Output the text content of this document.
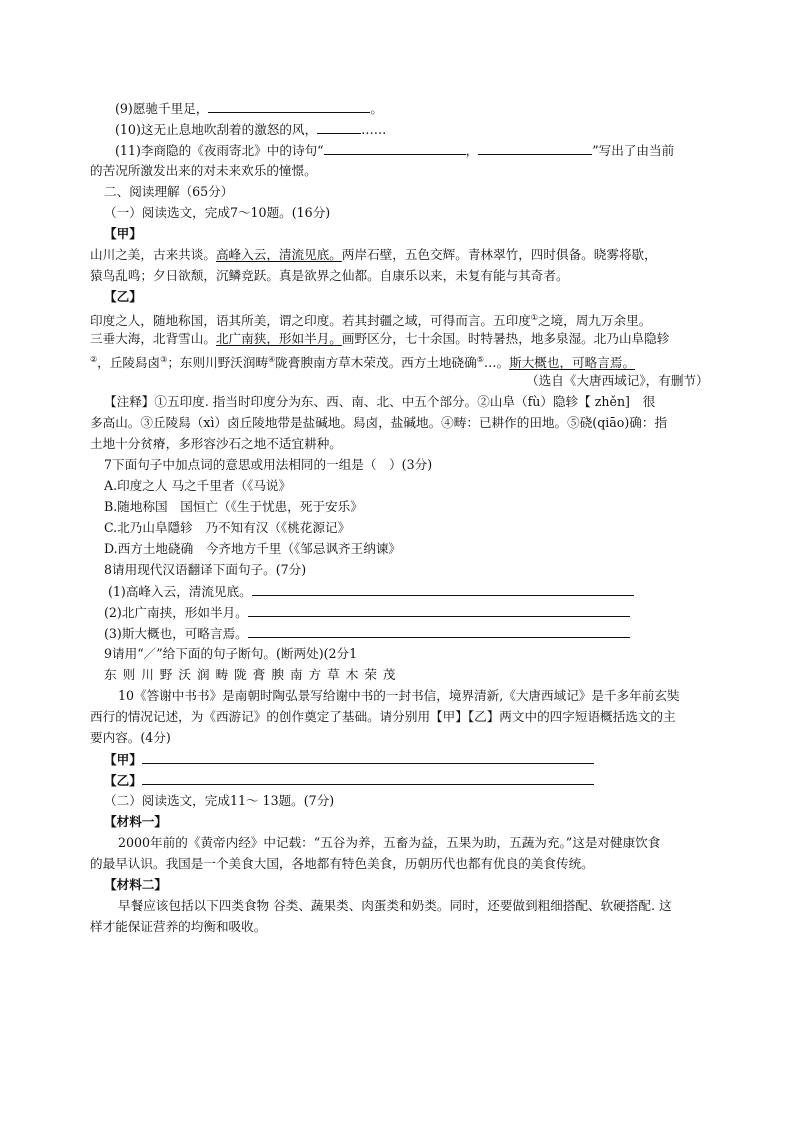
(9)愿驰千里足，	。
(10)这无止息地吹刮着的激怒的风，	……
(11)李商隐的《夜雨寄北》中的诗句“	，	”写出了由当前
的苦况所激发出来的对未来欢乐的憧憬。
二、阅读理解（65分）
（一）阅读选文，完成7～10题。(16分)
【甲】
山川之美，古来共谈。高峰入云，清流见底。两岸石壁，五色交辉。青林翠竹，四时俱备。晓雾将歇，
猿鸟乱鸣；夕日欲颓，沉鳞竞跃。真是欲界之仙都。自康乐以来，未复有能与其奇者。
【乙】
印度之人，随地称国，语其所美，谓之印度。若其封疆之域，可得而言。五印度①之境，周九万余里。
三垂大海，北背雪山。北广南狭，形如半月。画野区分，七十余国。时特暑热，地多泉湿。北乃山阜隐轸
②，丘陵舄卤③；东则川野沃润畴④陇膏腴南方草木荣茂。西方土地硗确⑤…。斯大概也，可略言焉。
（选自《大唐西域记》，有删节）
【注释】①五印度. 指当时印度分为东、西、南、北、中五个部分。②山阜（fù）隐轸【 zhěn]　很
多高山。③丘陵舄（xì）卤丘陵地带是盐碱地。舄卤，盐碱地。④畴：已耕作的田地。⑤硗(qiāo)确：指
土地十分贫瘠，多形容沙石之地不适宜耕种。
7下面句子中加点词的意思或用法相同的一组是（　）(3分)
A.印度之人 马之千里者（《马说》
B.随地称国　国恒亡（《生于忧患，死于安乐》
C.北乃山阜隱轸　乃不知有汉（《桃花源记》
D.西方土地硗确　今齐地方千里（《邹忌讽齐王纳谏》
8请用现代汉语翻译下面句子。(7分)
(1)高峰入云，清流见底。
(2)北广南挟，形如半月。
(3)斯大概也，可略言焉。
9请用“／”给下面的句子断句。(断两处)(2分1
东则川野沃润畴陇膏腴南方草木荣茂
10《答谢中书书》是南朝时陶弘景写给谢中书的一封书信，境界清新,《大唐西域记》是千多年前玄奘
西行的情况记述，为《西游记》的创作奠定了基础。请分别用【甲】【乙】两文中的四字短语概括选文的主
要内容。(4分)
【甲】
【乙】
（二）阅读选文，完成11～ 13题。(7分)
【材料一】
2000年前的《黄帝内经》中记载：“五谷为养，五畜为益，五果为助，五蔬为充。”这是对健康饮食
的最早认识。我国是一个美食大国，各地都有特色美食，历朝历代也都有优良的美食传统。
【材料二】
早餐应该包括以下四类食物 谷类、蔬果类、肉蛋类和奶类。同时，还要做到粗细搭配、软硬搭配. 这
样才能保证营养的均衡和吸收。
